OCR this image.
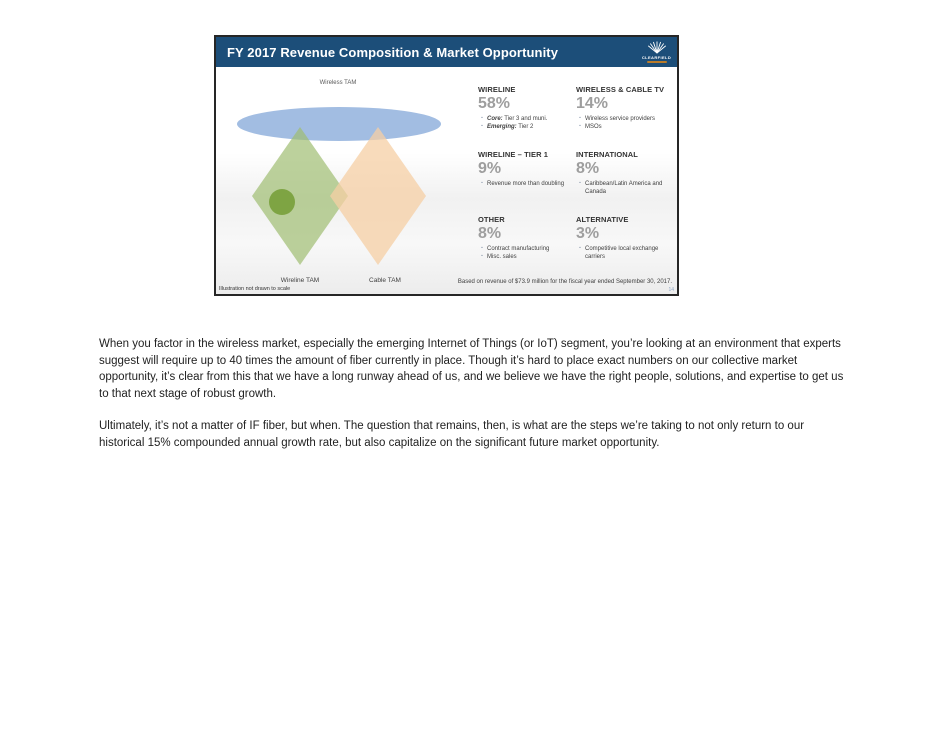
FY 2017 Revenue Composition & Market Opportunity	CLEARFIELD
Wireless TAM
Wireline TAM	Cable TAM
Illustration not drawn to scale
WIRELINE
58%
· Core: Tier 3 and muni.
· Emerging: Tier 2
WIRELESS & CABLE TV
14%
· Wireless service providers
· MSOs
WIRELINE – TIER 1
9%
· Revenue more than doubling
INTERNATIONAL
8%
· Caribbean/Latin America and Canada
OTHER
8%
· Contract manufacturing
· Misc. sales
ALTERNATIVE
3%
· Competitive local exchange carriers
Based on revenue of $73.9 million for the fiscal year ended September 30, 2017.
14

When you factor in the wireless market, especially the emerging Internet of Things (or IoT) segment, you’re looking at an environment that experts suggest will require up to 40 times the amount of fiber currently in place. Though it’s hard to place exact numbers on our collective market opportunity, it’s clear from this that we have a long runway ahead of us, and we believe we have the right people, solutions, and expertise to get us to that next stage of robust growth.

Ultimately, it’s not a matter of IF fiber, but when. The question that remains, then, is what are the steps we’re taking to not only return to our historical 15% compounded annual growth rate, but also capitalize on the significant future market opportunity.
